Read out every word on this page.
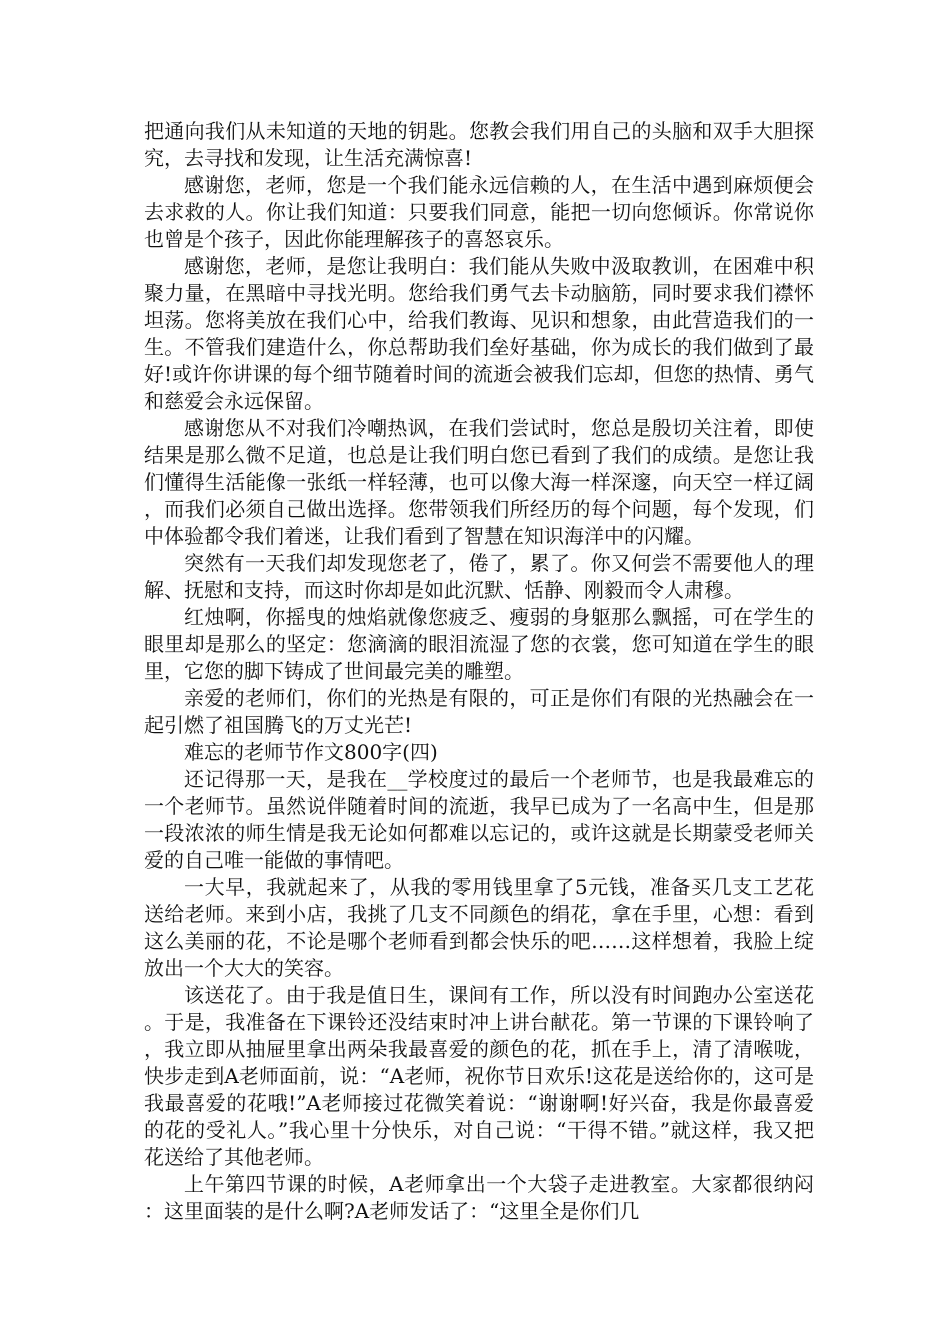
把通向我们从未知道的天地的钥匙。您教会我们用自己的头脑和双手大胆探究，去寻找和发现，让生活充满惊喜!

感谢您，老师，您是一个我们能永远信赖的人，在生活中遇到麻烦便会去求救的人。你让我们知道：只要我们同意，能把一切向您倾诉。你常说你也曾是个孩子，因此你能理解孩子的喜怒哀乐。

感谢您，老师，是您让我明白：我们能从失败中汲取教训，在困难中积聚力量，在黑暗中寻找光明。您给我们勇气去卡动脑筋，同时要求我们襟怀坦荡。您将美放在我们心中，给我们教诲、见识和想象，由此营造我们的一生。不管我们建造什么，你总帮助我们垒好基础，你为成长的我们做到了最好!或许你讲课的每个细节随着时间的流逝会被我们忘却，但您的热情、勇气和慈爱会永远保留。

感谢您从不对我们冷嘲热讽，在我们尝试时，您总是殷切关注着，即使结果是那么微不足道，也总是让我们明白您已看到了我们的成绩。是您让我们懂得生活能像一张纸一样轻薄，也可以像大海一样深邃，向天空一样辽阔，而我们必须自己做出选择。您带领我们所经历的每个问题，每个发现，们中体验都令我们着迷，让我们看到了智慧在知识海洋中的闪耀。

突然有一天我们却发现您老了，倦了，累了。你又何尝不需要他人的理解、抚慰和支持，而这时你却是如此沉默、恬静、刚毅而令人肃穆。

红烛啊，你摇曳的烛焰就像您疲乏、瘦弱的身躯那么飘摇，可在学生的眼里却是那么的坚定：您滴滴的眼泪流湿了您的衣裳，您可知道在学生的眼里，它您的脚下铸成了世间最完美的雕塑。

亲爱的老师们，你们的光热是有限的，可正是你们有限的光热融会在一起引燃了祖国腾飞的万丈光芒!

难忘的老师节作文800字(四)

还记得那一天，是我在__学校度过的最后一个老师节，也是我最难忘的一个老师节。虽然说伴随着时间的流逝，我早已成为了一名高中生，但是那一段浓浓的师生情是我无论如何都难以忘记的，或许这就是长期蒙受老师关爱的自己唯一能做的事情吧。

一大早，我就起来了，从我的零用钱里拿了5元钱，准备买几支工艺花送给老师。来到小店，我挑了几支不同颜色的绢花，拿在手里，心想：看到这么美丽的花，不论是哪个老师看到都会快乐的吧……这样想着，我脸上绽放出一个大大的笑容。

该送花了。由于我是值日生，课间有工作，所以没有时间跑办公室送花。于是，我准备在下课铃还没结束时冲上讲台献花。第一节课的下课铃响了，我立即从抽屉里拿出两朵我最喜爱的颜色的花，抓在手上，清了清喉咙，快步走到A老师面前，说：“A老师，祝你节日欢乐!这花是送给你的，这可是我最喜爱的花哦!”A老师接过花微笑着说：“谢谢啊!好兴奋，我是你最喜爱的花的受礼人。”我心里十分快乐，对自己说：“干得不错。”就这样，我又把花送给了其他老师。

上午第四节课的时候，A老师拿出一个大袋子走进教室。大家都很纳闷：这里面装的是什么啊?A老师发话了：“这里全是你们几
